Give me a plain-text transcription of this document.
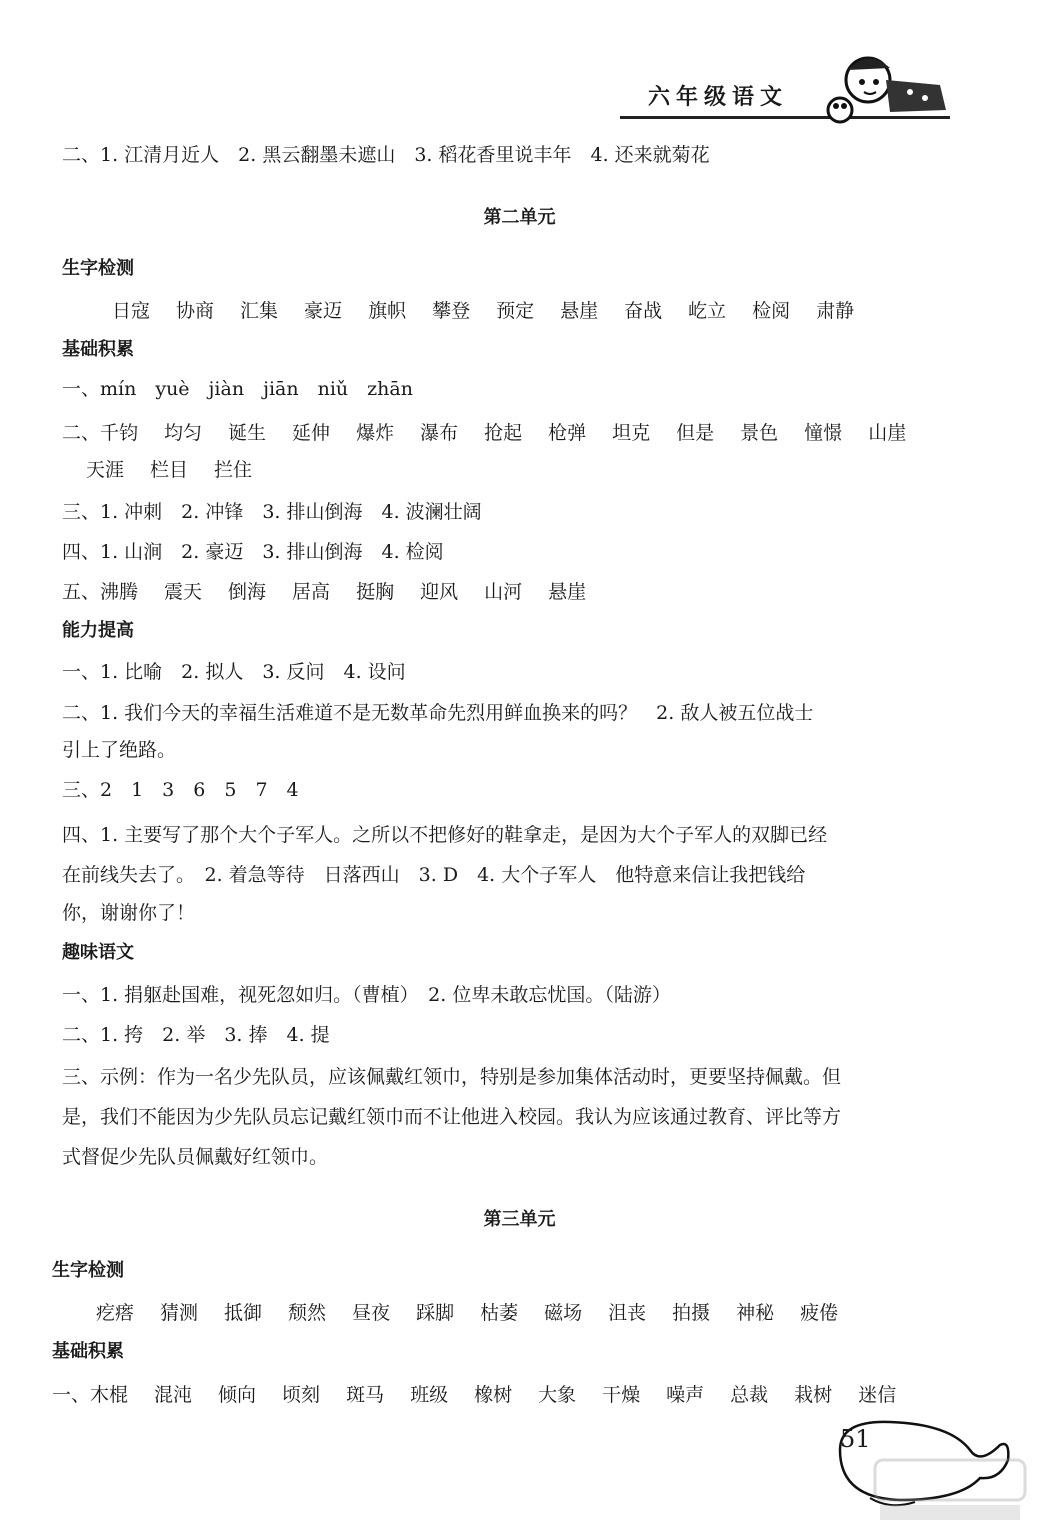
六年级语文
二、1. 江清月近人　2. 黑云翻墨未遮山　3. 稻花香里说丰年　4. 还来就菊花
第二单元
生字检测
日寇 协商 汇集 豪迈 旗帜 攀登 预定 悬崖 奋战 屹立 检阅 肃静
基础积累
一、mín　yuè　jiàn　jiān　niǔ　zhān
二、千钧 均匀 诞生 延伸 爆炸 瀑布 抢起 枪弹 坦克 但是 景色 憧憬 山崖
天涯 栏目 拦住
三、1. 冲刺　2. 冲锋　3. 排山倒海　4. 波澜壮阔
四、1. 山涧　2. 豪迈　3. 排山倒海　4. 检阅
五、沸腾 震天 倒海 居高 挺胸 迎风 山河 悬崖
能力提高
一、1. 比喻　2. 拟人　3. 反问　4. 设问
二、1. 我们今天的幸福生活难道不是无数革命先烈用鲜血换来的吗？　2. 敌人被五位战士
引上了绝路。
三、2　1　3　6　5　7　4
四、1. 主要写了那个大个子军人。之所以不把修好的鞋拿走，是因为大个子军人的双脚已经
在前线失去了。　2. 着急等待　日落西山　3. D　4. 大个子军人　他特意来信让我把钱给
你，谢谢你了！
趣味语文
一、1. 捐躯赴国难，视死忽如归。（曹植）　2. 位卑未敢忘忧国。（陆游）
二、1. 挎　2. 举　3. 捧　4. 提
三、示例：作为一名少先队员，应该佩戴红领巾，特别是参加集体活动时，更要坚持佩戴。但
是，我们不能因为少先队员忘记戴红领巾而不让他进入校园。我认为应该通过教育、评比等方
式督促少先队员佩戴好红领巾。
第三单元
生字检测
疙瘩 猜测 抵御 颓然 昼夜 踩脚 枯萎 磁场 沮丧 拍摄 神秘 疲倦
基础积累
一、木棍 混沌 倾向 顷刻 斑马 班级 橡树 大象 干燥 噪声 总裁 栽树 迷信
51
